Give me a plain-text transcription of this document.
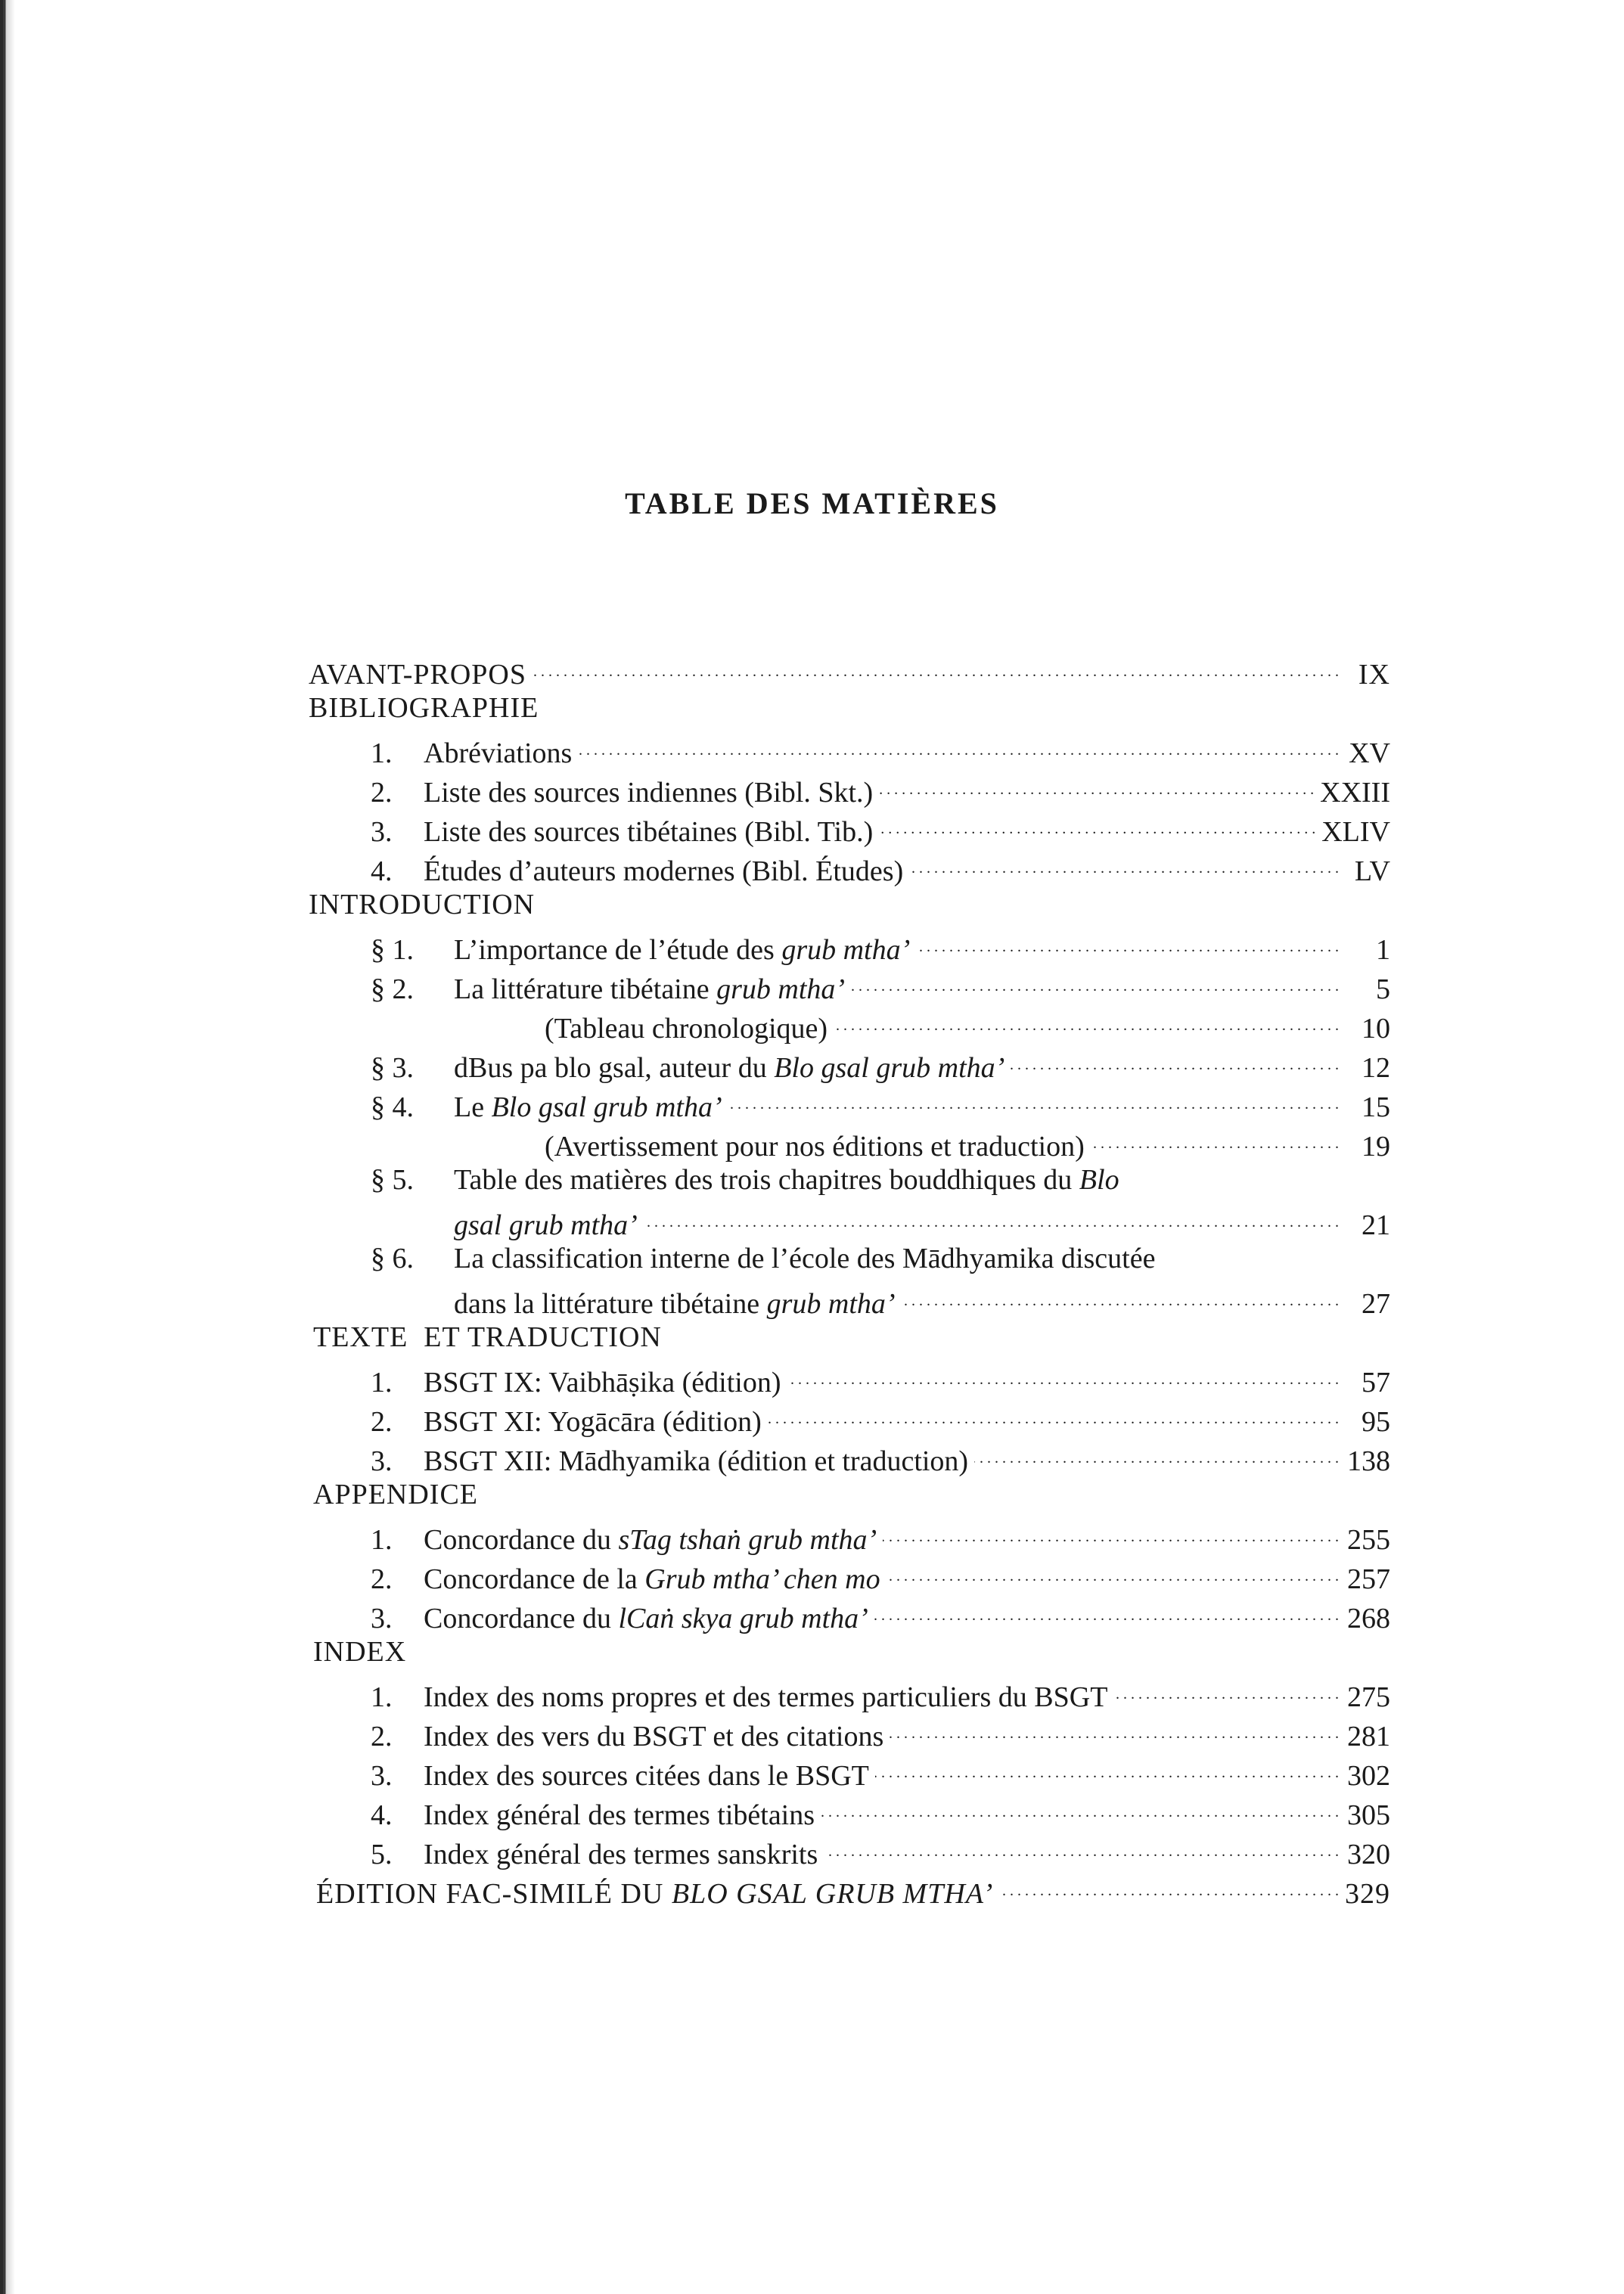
TABLE DES MATIÈRES
AVANT-PROPOS . . .	IX
BIBLIOGRAPHIE
1.	Abréviations . . .	XV
2.	Liste des sources indiennes (Bibl. Skt.) . . .	XXIII
3.	Liste des sources tibétaines (Bibl. Tib.) . . .	XLIV
4.	Études d’auteurs modernes (Bibl. Études) . . .	LV
INTRODUCTION
§ 1.	L’importance de l’étude des grub mtha’ . . .	1
§ 2.	La littérature tibétaine grub mtha’ . . .	5
(Tableau chronologique) . . .	10
§ 3.	dBus pa blo gsal, auteur du Blo gsal grub mtha’ . . .	12
§ 4.	Le Blo gsal grub mtha’ . . .	15
(Avertissement pour nos éditions et traduction) . . .	19
§ 5.	Table des matières des trois chapitres bouddhiques du Blo
gsal grub mtha’ . . .	21
§ 6.	La classification interne de l’école des Mādhyamika discutée
dans la littérature tibétaine grub mtha’ . . .	27
TEXTE  ET TRADUCTION
1.	BSGT IX: Vaibhāṣika (édition) . . .	57
2.	BSGT XI: Yogācāra (édition) . . .	95
3.	BSGT XII: Mādhyamika (édition et traduction) . . .	138
APPENDICE
1.	Concordance du sTag tshaṅ grub mtha’ . . .	255
2.	Concordance de la Grub mtha’ chen mo . . .	257
3.	Concordance du lCaṅ skya grub mtha’ . . .	268
INDEX
1.	Index des noms propres et des termes particuliers du BSGT . . .	275
2.	Index des vers du BSGT et des citations . . .	281
3.	Index des sources citées dans le BSGT . . .	302
4.	Index général des termes tibétains . . .	305
5.	Index général des termes sanskrits . . .	320
ÉDITION FAC-SIMILÉ DU BLO GSAL GRUB MTHA’ . . .	329
